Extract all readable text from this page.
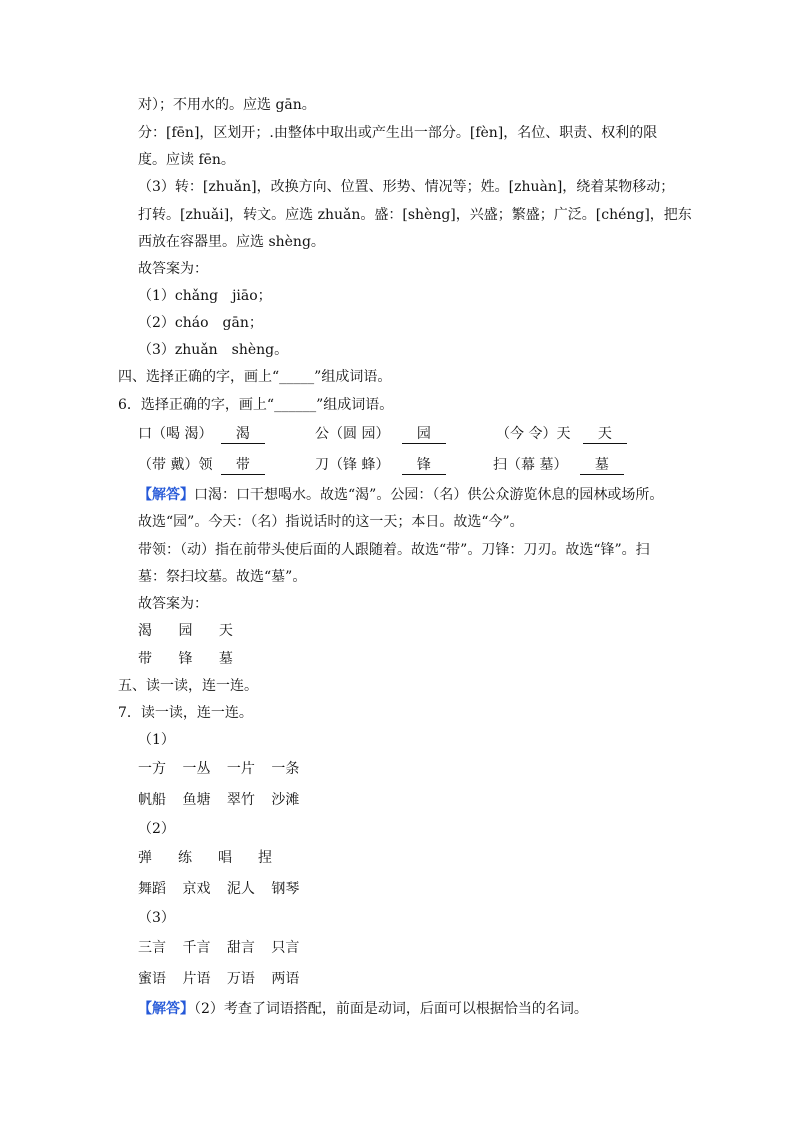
对）；不用水的。应选 gān。
分：[fēn]，区划开；.由整体中取出或产生出一部分。[fèn]，名位、职责、权利的限
度。应读 fēn。
（3）转：[zhuǎn]，改换方向、位置、形势、情况等；姓。[zhuàn]，绕着某物移动；
打转。[zhuǎi]，转文。应选 zhuǎn。盛：[shèng]，兴盛；繁盛；广泛。[chéng]，把东
西放在容器里。应选 shèng。
故答案为：
（1）chǎng　jiāo；
（2）cháo　gān；
（3）zhuǎn　shèng。
四、选择正确的字，画上“_____”组成词语。
6．选择正确的字，画上“______”组成词语。
口（喝 渴） 渴	公（圆 园） 园	（今 令）天 天
（带 戴）领 带	刀（锋 蜂） 锋	扫（幕 墓） 墓
【解答】口渴：口干想喝水。故选“渴”。公园：（名）供公众游览休息的园林或场所。
故选“园”。今天：（名）指说话时的这一天；本日。故选“今”。
带领：（动）指在前带头使后面的人跟随着。故选“带”。刀锋：刀刃。故选“锋”。扫
墓：祭扫坟墓。故选“墓”。
故答案为：
渴 园 天
带 锋 墓
五、读一读，连一连。
7．读一读，连一连。
（1）
一方 一丛 一片 一条
帆船 鱼塘 翠竹 沙滩
（2）
弹 练 唱 捏
舞蹈 京戏 泥人 钢琴
（3）
三言 千言 甜言 只言
蜜语 片语 万语 两语
【解答】（2）考查了词语搭配，前面是动词，后面可以根据恰当的名词。
